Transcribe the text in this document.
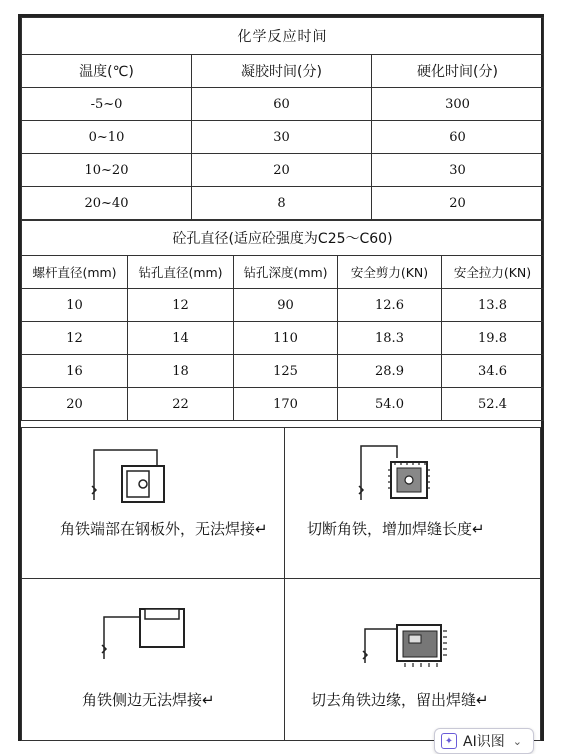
化学反应时间		
温度(℃)	凝胶时间(分)	硬化时间(分)
-5~0	60	300
0~10	30	60
10~20	20	30
20~40	8	20
砼孔直径(适应砼强度为C25～C60)				
螺杆直径(mm)	钻孔直径(mm)	钻孔深度(mm)	安全剪力(KN)	安全拉力(KN)
10	12	90	12.6	13.8
12	14	110	18.3	19.8
16	18	125	28.9	34.6
20	22	170	54.0	52.4
角铁端部在钢板外，无法焊接↵	切断角铁，增加焊缝长度↵
角铁侧边无法焊接↵	切去角铁边缘，留出焊缝↵
✦ AI识图 ⌄
